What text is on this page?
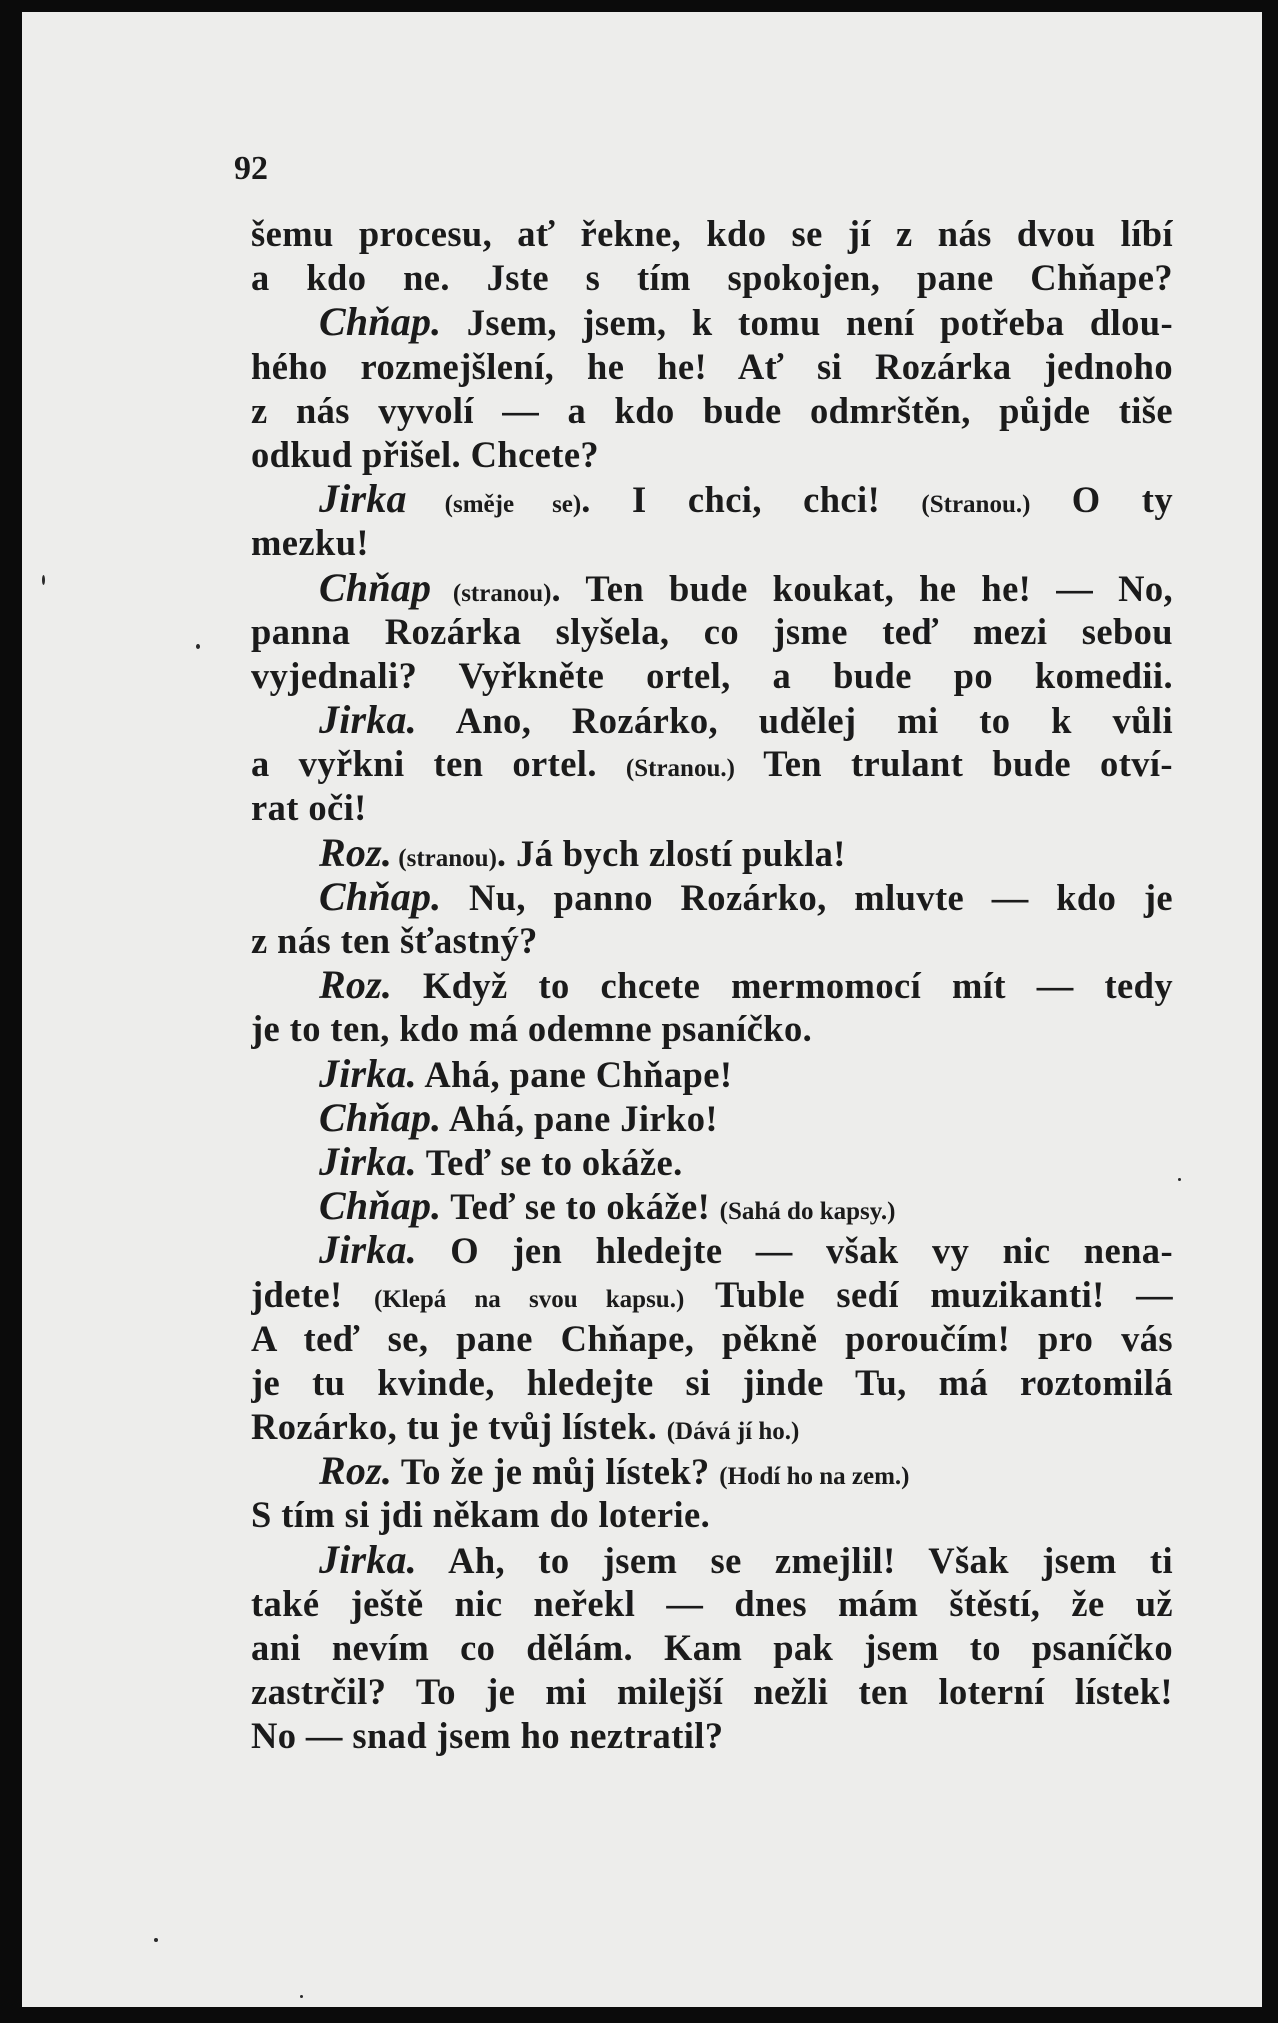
92
šemu procesu, ať řekne, kdo se jí z nás dvou líbí
a kdo ne. Jste s tím spokojen, pane Chňape?
Chňap. Jsem, jsem, k tomu není potřeba dlou-
hého rozmejšlení, he he! Ať si Rozárka jednoho
z nás vyvolí — a kdo bude odmrštěn, půjde tiše
odkud přišel. Chcete?
Jirka (směje se). I chci, chci! (Stranou.) O ty
mezku!
Chňap (stranou). Ten bude koukat, he he! — No,
panna Rozárka slyšela, co jsme teď mezi sebou
vyjednali? Vyřkněte ortel, a bude po komedii.
Jirka. Ano, Rozárko, udělej mi to k vůli
a vyřkni ten ortel. (Stranou.) Ten trulant bude otví-
rat oči!
Roz. (stranou). Já bych zlostí pukla!
Chňap. Nu, panno Rozárko, mluvte — kdo je
z nás ten šťastný?
Roz. Když to chcete mermomocí mít — tedy
je to ten, kdo má odemne psaníčko.
Jirka. Ahá, pane Chňape!
Chňap. Ahá, pane Jirko!
Jirka. Teď se to okáže.
Chňap. Teď se to okáže! (Sahá do kapsy.)
Jirka. O jen hledejte — však vy nic nena-
jdete! (Klepá na svou kapsu.) Tuble sedí muzikanti! —
A teď se, pane Chňape, pěkně poroučím! pro vás
je tu kvinde, hledejte si jinde Tu, má roztomilá
Rozárko, tu je tvůj lístek. (Dává jí ho.)
Roz. To že je můj lístek? (Hodí ho na zem.)
S tím si jdi někam do loterie.
Jirka. Ah, to jsem se zmejlil! Však jsem ti
také ještě nic neřekl — dnes mám štěstí, že už
ani nevím co dělám. Kam pak jsem to psaníčko
zastrčil? To je mi milejší nežli ten loterní lístek!
No — snad jsem ho neztratil?
